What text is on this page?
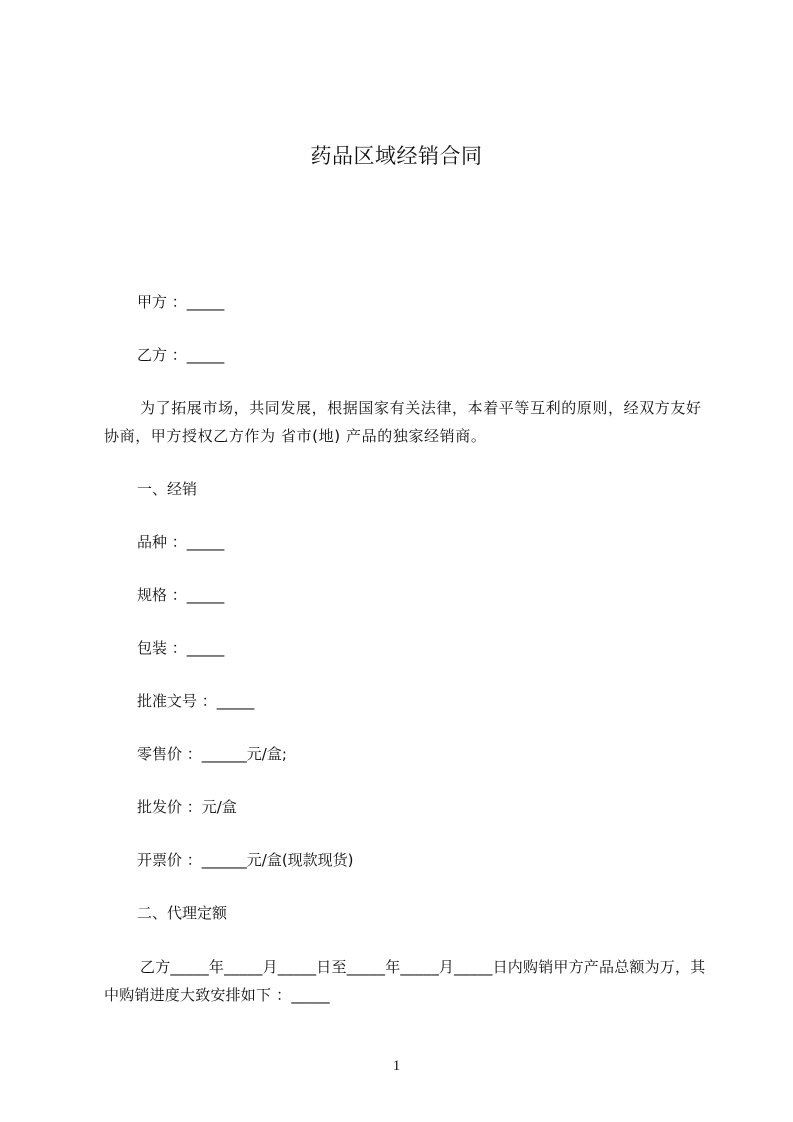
药品区域经销合同
甲方 ：_____
乙方 ：_____
为了拓展市场，共同发展，根据国家有关法律，本着平等互利的原则，经双方友好协商，甲方授权乙方作为 省市(地) 产品的独家经销商。
一、经销
品种 ：_____
规格 ：_____
包装 ：_____
批准文号 ：_____
零售价 ：______元/盒;
批发价 ：元/盒
开票价 ：______元/盒(现款现货)
二、代理定额
乙方_____年_____月_____日至_____年_____月_____日内购销甲方产品总额为万，其中购销进度大致安排如下 ：_____
1
